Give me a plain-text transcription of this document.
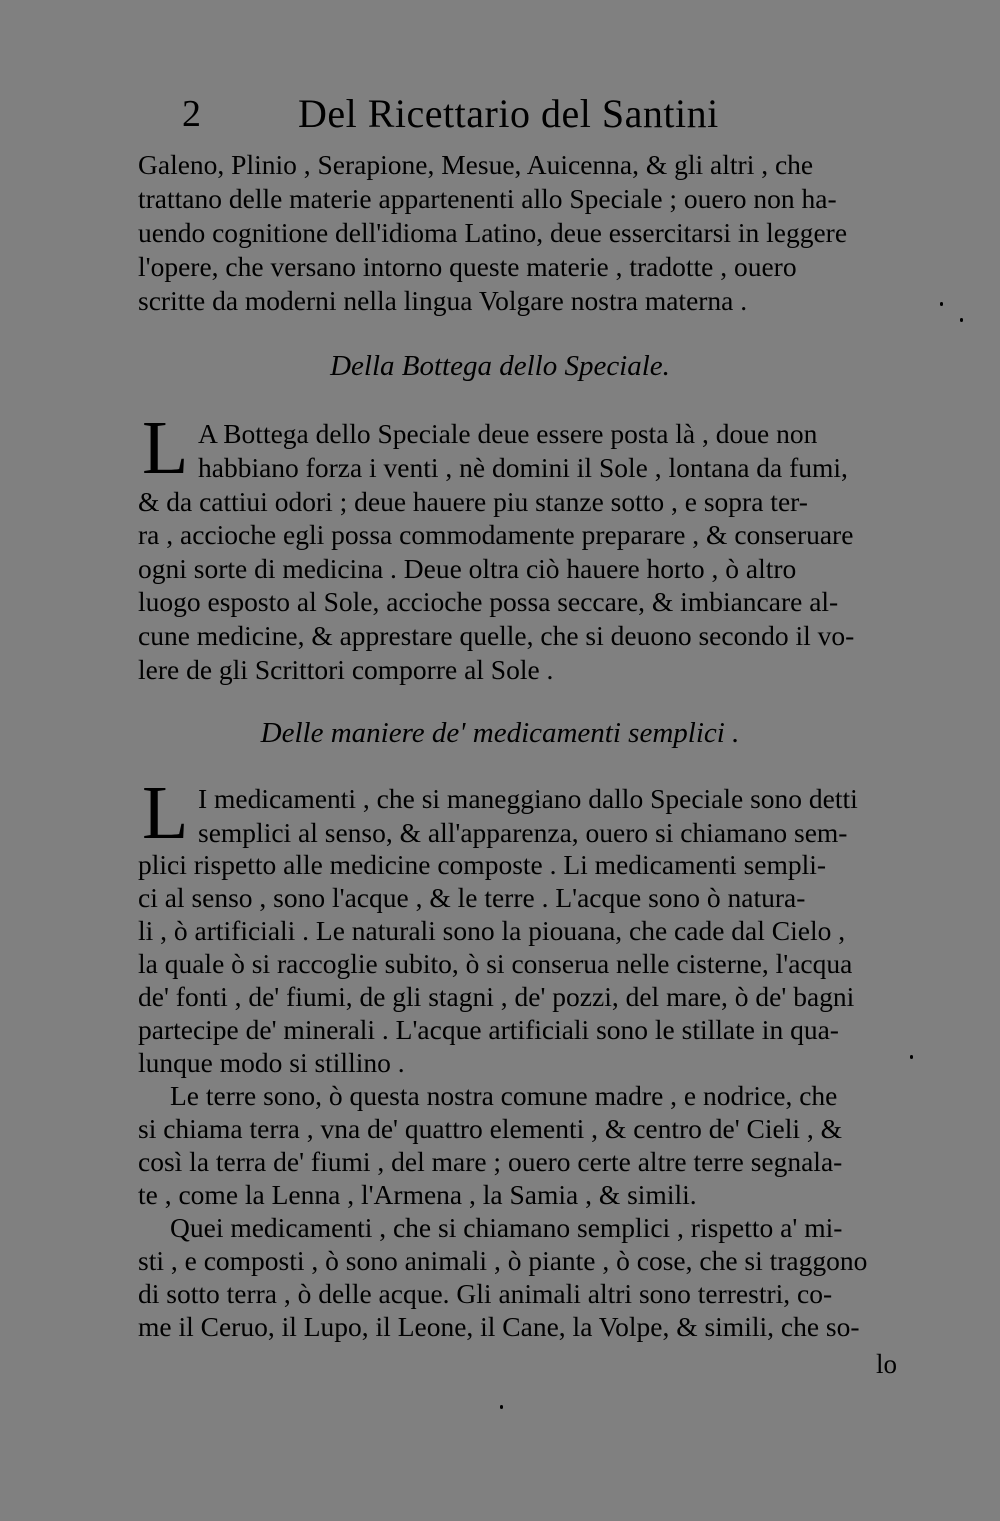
2 Del Ricettario del Santini

Galeno, Plinio , Serapione, Mesue, Auicenna, & gli altri , che

trattano delle materie appartenenti allo Speciale ; ouero non ha-

uendo cognitione dell'idioma Latino, deue essercitarsi in leggere

l'opere, che versano intorno queste materie , tradotte , ouero

scritte da moderni nella lingua Volgare nostra materna .

Della Bottega dello Speciale.
L A Bottega dello Speciale deue essere posta là , doue non

habbiano forza i venti , nè domini il Sole , lontana da fumi,

& da cattiui odori ; deue hauere piu stanze sotto , e sopra ter-

ra , accioche egli possa commodamente preparare , & conseruare

ogni sorte di medicina . Deue oltra ciò hauere horto , ò altro

luogo esposto al Sole, accioche possa seccare, & imbiancare al-

cune medicine, & apprestare quelle, che si deuono secondo il vo-

lere de gli Scrittori comporre al Sole .

Delle maniere de' medicamenti semplici .
L I medicamenti , che si maneggiano dallo Speciale sono detti

semplici al senso, & all'apparenza, ouero si chiamano sem-

plici rispetto alle medicine composte . Li medicamenti sempli-

ci al senso , sono l'acque , & le terre . L'acque sono ò natura-

li , ò artificiali . Le naturali sono la piouana, che cade dal Cielo ,

la quale ò si raccoglie subito, ò si conserua nelle cisterne, l'acqua

de' fonti , de' fiumi, de gli stagni , de' pozzi, del mare, ò de' bagni

partecipe de' minerali . L'acque artificiali sono le stillate in qua-

lunque modo si stillino .

Le terre sono, ò questa nostra comune madre , e nodrice, che

si chiama terra , vna de' quattro elementi , & centro de' Cieli , &

così la terra de' fiumi , del mare ; ouero certe altre terre segnala-

te , come la Lenna , l'Armena , la Samia , & simili.

Quei medicamenti , che si chiamano semplici , rispetto a' mi-

sti , e composti , ò sono animali , ò piante , ò cose, che si traggono

di sotto terra , ò delle acque. Gli animali altri sono terrestri, co-

me il Ceruo, il Lupo, il Leone, il Cane, la Volpe, & simili, che so-

lo
